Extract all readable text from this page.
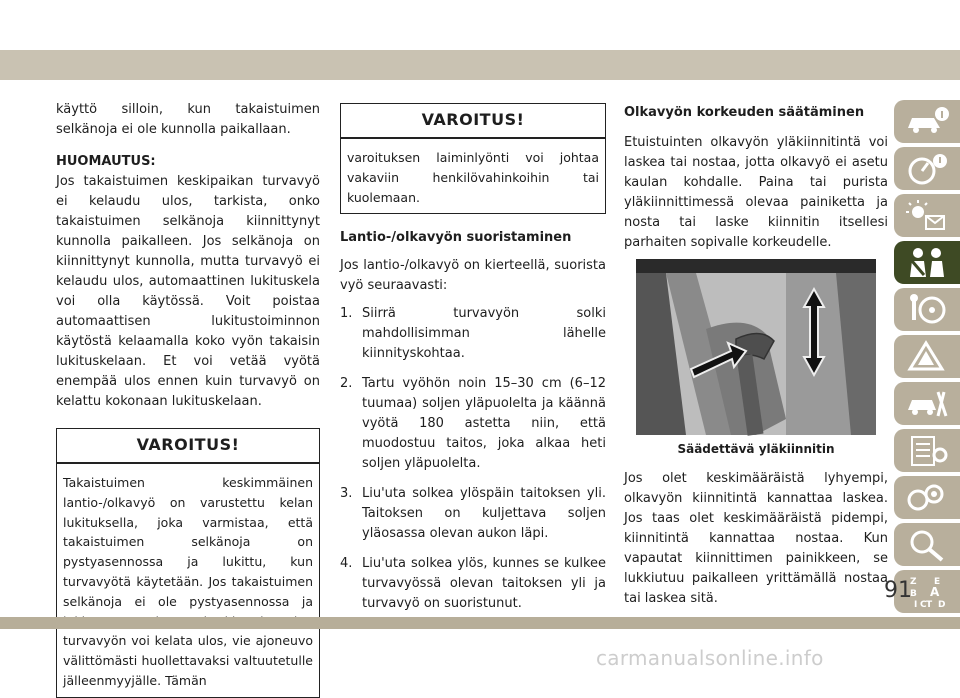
käyttö silloin, kun takaistuimen selkänoja ei ole kunnolla paikallaan.

HUOMAUTUS:

Jos takaistuimen keskipaikan turvavyö ei kelaudu ulos, tarkista, onko takaistuimen selkänoja kiinnittynyt kunnolla paikalleen. Jos selkänoja on kiinnittynyt kunnolla, mutta turvavyö ei kelaudu ulos, automaattinen lukituskela voi olla käytössä. Voit poistaa automaattisen lukitustoiminnon käytöstä kelaamalla koko vyön takaisin lukituskelaan. Et voi vetää vyötä enempää ulos ennen kuin turvavyö on kelattu kokonaan lukituskelaan.

VAROITUS!
Takaistuimen keskimmäinen lantio-/olkavyö on varustettu kelan lukituksella, joka varmistaa, että takaistuimen selkänoja on pystyasennossa ja lukittu, kun turvavyötä käytetään. Jos takaistuimen selkänoja ei ole pystyasennossa ja turvavyön voi kelata ulos, vie ajoneuvo välittömästi huollettavaksi valtuutetulle jälleenmyyjälle. Tämän
VAROITUS!
varoituksen laiminlyönti voi johtaa vakaviin henkilövahinkoihin tai kuolemaan.
Lantio-/olkavyön suoristaminen

Jos lantio-/olkavyö on kierteellä, suorista vyö seuraavasti:

1. Siirrä turvavyön solki mahdollisimman lähelle kiinnityskohtaa.
2. Tartu vyöhön noin 15–30 cm (6–12 tuumaa) soljen yläpuolelta ja käännä vyötä 180 astetta niin, että muodostuu taitos, joka alkaa heti soljen yläpuolelta.
3. Liu'uta solkea ylöspäin taitoksen yli. Taitoksen on kuljettava soljen yläosassa olevan aukon läpi.
4. Liu'uta solkea ylös, kunnes se kulkee turvavyössä olevan taitoksen yli ja turvavyö on suoristunut.
Olkavyön korkeuden säätäminen

Etuistuinten olkavyön yläkiinnitintä voi laskea tai nostaa, jotta olkavyö ei asetu kaulan kohdalle. Paina tai purista yläkiinnittimessä olevaa painiketta ja nosta tai laske kiinnitin itsellesi parhaiten sopivalle korkeudelle.

Säädettävä yläkiinnitin

Jos olet keskimääräistä lyhyempi, olkavyön kiinnitintä kannattaa laskea. Jos taas olet keskimääräistä pidempi, kiinnitintä kannattaa nostaa. Kun vapautat kiinnittimen painikkeen, se lukkiutuu paikalleen yrittämällä nostaa tai laskea sitä.

Z E
B A
I C T D
91
carmanualsonline.info
